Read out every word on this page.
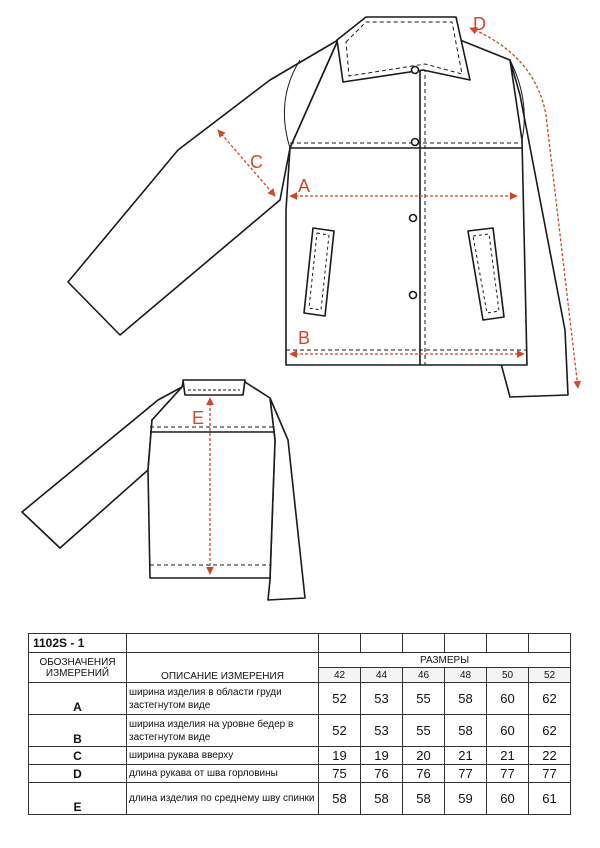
A
B
C
D
E
1102S - 1							

ОБОЗНАЧЕНИЯ
ИЗМЕРЕНИЙ	ОПИСАНИЕ ИЗМЕРЕНИЯ	РАЗМЕРЫ					
		42	44	46	48	50	52
A	ширина изделия в области груди застегнутом виде	52	53	55	58	60	62
B	ширина изделия на уровне бедер в застегнутом виде	52	53	55	58	60	62
C	ширина рукава вверху	19	19	20	21	21	22
D	длина рукава от шва горловины	75	76	76	77	77	77
E	длина изделия по среднему шву спинки	58	58	58	59	60	61
